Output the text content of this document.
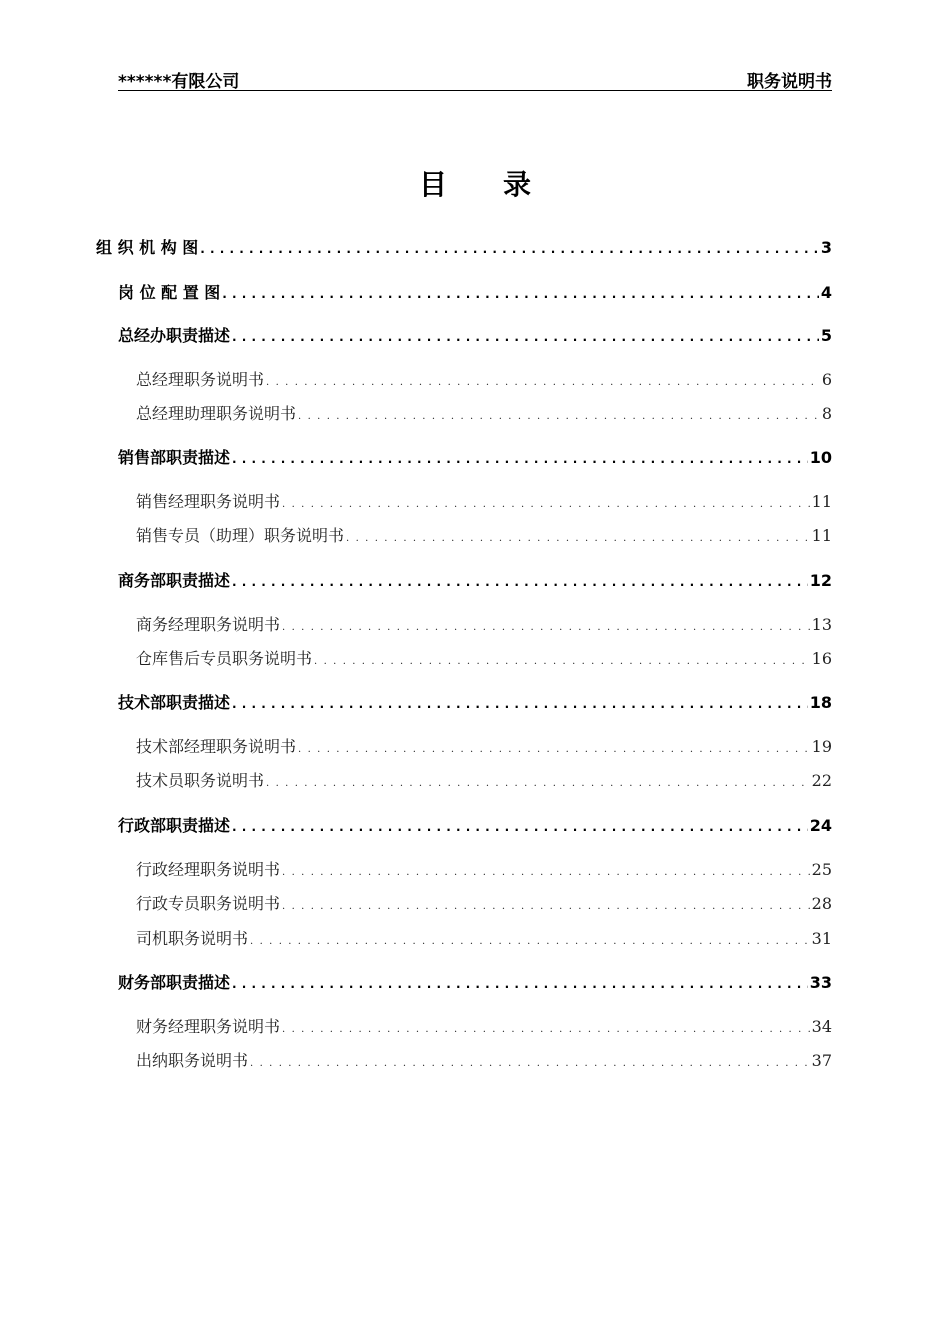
******有限公司	职务说明书
目录
组 织 机 构 图 . . .	3
岗 位 配 置 图 . . .	4
总经办职责描述 . . .	5
总经理职务说明书 . . .	6
总经理助理职务说明书 . . .	8
销售部职责描述 . . .	10
销售经理职务说明书 . . .	11
销售专员（助理）职务说明书 . . .	11
商务部职责描述 . . .	12
商务经理职务说明书 . . .	13
仓库售后专员职务说明书 . . .	16
技术部职责描述 . . .	18
技术部经理职务说明书 . . .	19
技术员职务说明书 . . .	22
行政部职责描述 . . .	24
行政经理职务说明书 . . .	25
行政专员职务说明书 . . .	28
司机职务说明书 . . .	31
财务部职责描述 . . .	33
财务经理职务说明书 . . .	34
出纳职务说明书 . . .	37
